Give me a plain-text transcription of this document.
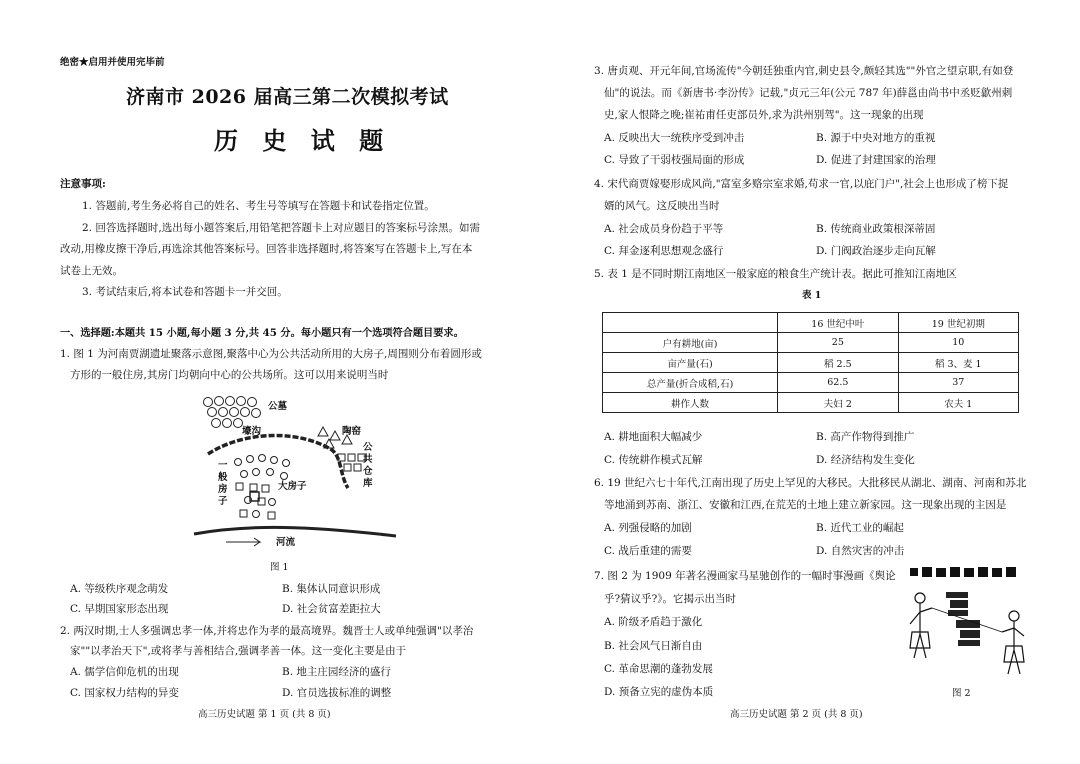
绝密★启用并使用完毕前
济南市 2026 届高三第二次模拟考试
历 史 试 题
注意事项:
1. 答题前,考生务必将自己的姓名、考生号等填写在答题卡和试卷指定位置。
2. 回答选择题时,选出每小题答案后,用铅笔把答题卡上对应题目的答案标号涂黑。如需
改动,用橡皮擦干净后,再选涂其他答案标号。回答非选择题时,将答案写在答题卡上,写在本
试卷上无效。
3. 考试结束后,将本试卷和答题卡一并交回。
一、选择题:本题共 15 小题,每小题 3 分,共 45 分。每小题只有一个选项符合题目要求。
1. 图 1 为河南贾湖遗址聚落示意图,聚落中心为公共活动所用的大房子,周围则分布着圆形或
方形的一般住房,其房门均朝向中心的公共场所。这可以用来说明当时
公墓
壕沟	陶窑
公共仓库
一般房子
大房子
河流
图 1
A. 等级秩序观念萌发	B. 集体认同意识形成
C. 早期国家形态出现	D. 社会贫富差距拉大
2. 两汉时期,士人多强调忠孝一体,并将忠作为孝的最高境界。魏晋士人或单纯强调"以孝治
家""以孝治天下",或将孝与善相结合,强调孝善一体。这一变化主要是由于
A. 儒学信仰危机的出现	B. 地主庄园经济的盛行
C. 国家权力结构的异变	D. 官员选拔标准的调整
高三历史试题 第 1 页 (共 8 页)
3. 唐贞观、开元年间,官场流传"今朝廷独重内官,刺史县令,颇轻其选""外官之望京职,有如登
仙"的说法。而《新唐书·李汾传》记载,"贞元三年(公元 787 年)薛邕由尚书中丞贬歙州刺
史,家人恨降之晚;崔祐甫任吏部员外,求为洪州别驾"。这一现象的出现
A. 反映出大一统秩序受到冲击	B. 源于中央对地方的重视
C. 导致了干弱枝强局面的形成	D. 促进了封建国家的治理
4. 宋代商贾嫁娶形成风尚,"富室多赂宗室求婚,苟求一官,以庇门户",社会上也形成了榜下捉
婿的风气。这反映出当时
A. 社会成员身份趋于平等	B. 传统商业政策根深蒂固
C. 拜金逐利思想观念盛行	D. 门阀政治逐步走向瓦解
5. 表 1 是不同时期江南地区一般家庭的粮食生产统计表。据此可推知江南地区
表 1
	16 世纪中叶	19 世纪初期
户有耕地(亩)	25	10
亩产量(石)	稻 2.5	稻 3、麦 1
总产量(折合成稻,石)	62.5	37
耕作人数	夫妇 2	农夫 1
A. 耕地面积大幅减少	B. 高产作物得到推广
C. 传统耕作模式瓦解	D. 经济结构发生变化
6. 19 世纪六七十年代,江南出现了历史上罕见的大移民。大批移民从湖北、湖南、河南和苏北
等地涌到苏南、浙江、安徽和江西,在荒芜的土地上建立新家园。这一现象出现的主因是
A. 列强侵略的加剧	B. 近代工业的崛起
C. 战后重建的需要	D. 自然灾害的冲击
7. 图 2 为 1909 年著名漫画家马星驰创作的一幅时事漫画《舆论
乎?猜议乎?》。它揭示出当时
A. 阶级矛盾趋于激化
B. 社会风气日渐自由
C. 革命思潮的蓬勃发展
D. 预备立宪的虚伪本质	图 2
高三历史试题 第 2 页 (共 8 页)
